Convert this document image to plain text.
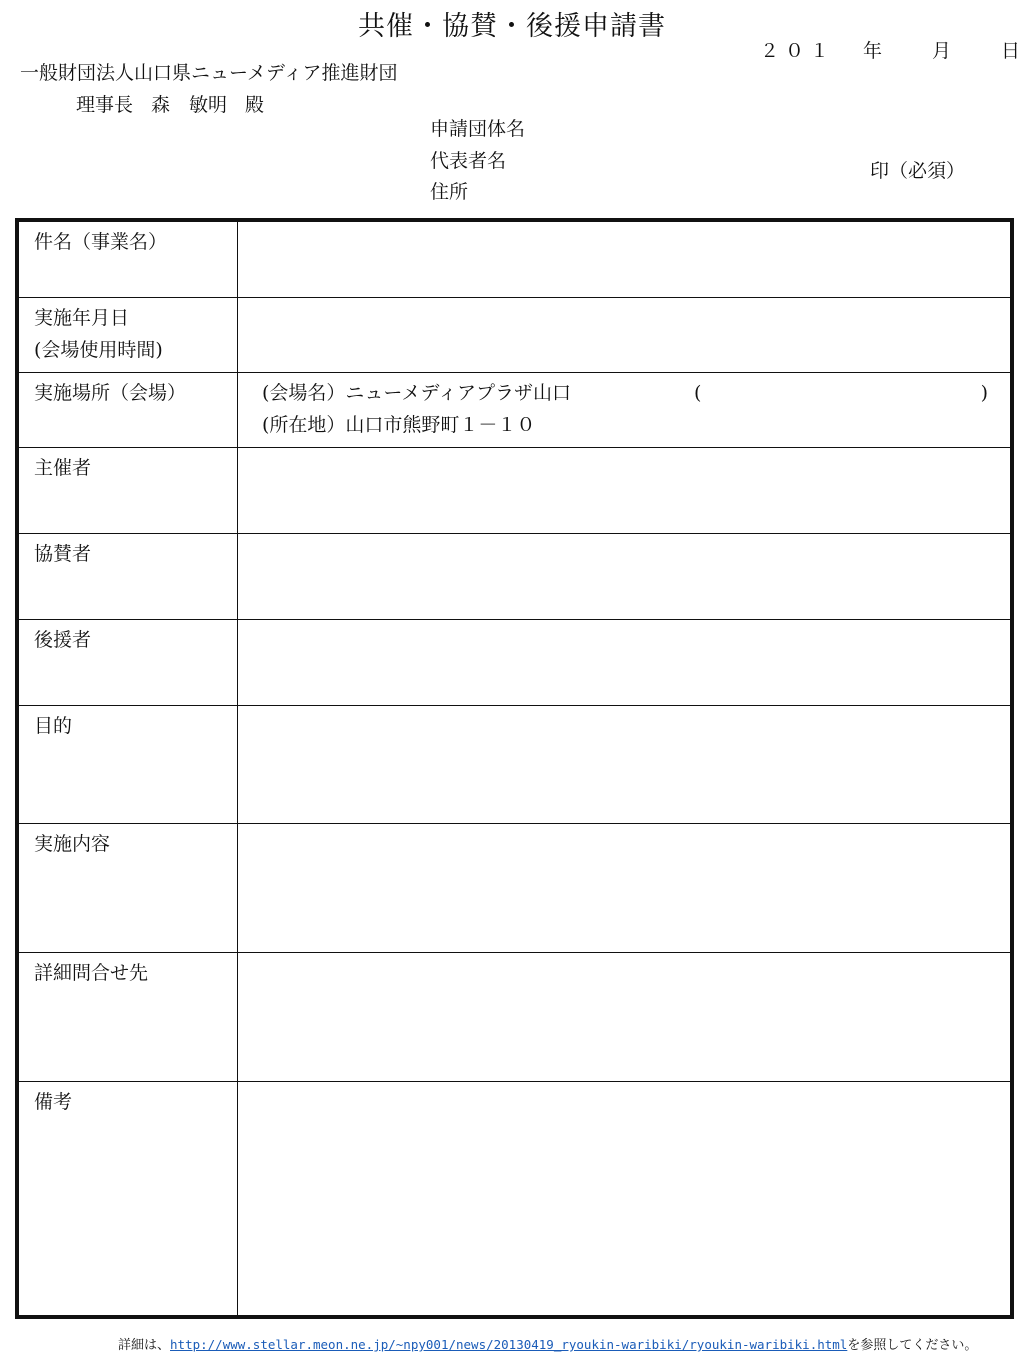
共催・協賛・後援申請書
２０１ 年	月	日
一般財団法人山口県ニューメディア推進財団
理事長 森　敏明 殿
申請団体名
代表者名
住所
印（必須）
件名（事業名）	

実施年月日
(会場使用時間)	

実施場所（会場）	(会場名）ニューメディアプラザ山口 ( )
(所在地）山口市熊野町１－１０

主催者	
協賛者	
後援者	
目的	
実施内容	
詳細問合せ先	
備考	
詳細は、http://www.stellar.meon.ne.jp/~npy001/news/20130419_ryoukin-waribiki/ryoukin-waribiki.htmlを参照してください。
